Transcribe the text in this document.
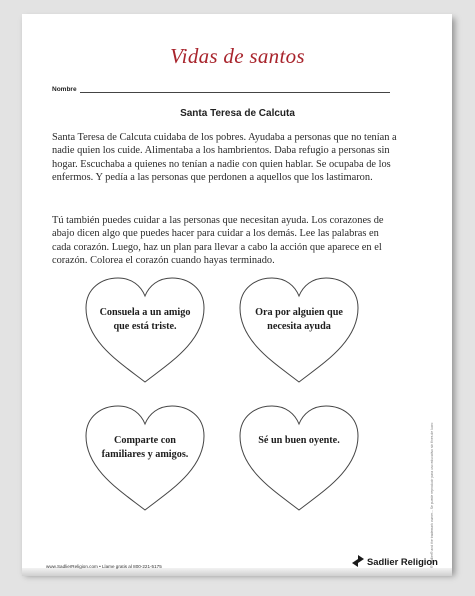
Vidas de santos
Nombre
Santa Teresa de Calcuta

Santa Teresa de Calcuta cuidaba de los pobres. Ayudaba a personas que no tenían a nadie quien los cuide. Alimentaba a los hambrientos. Daba refugio a personas sin hogar. Escuchaba a quienes no tenían a nadie con quien hablar. Se ocupaba de los enfermos. Y pedía a las personas que perdonen a aquellos que los lastimaron.

Tú también puedes cuidar a las personas que necesitan ayuda. Los corazones de abajo dicen algo que puedes hacer para cuidar a los demás. Lee las palabras en cada corazón. Luego, haz un plan para llevar a cabo la acción que aparece en el corazón. Colorea el corazón cuando hayas terminado.

Consuela a un amigo
que está triste.
Ora por alguien que
necesita ayuda
Comparte con
familiares y amigos.
Sé un buen oyente.	® Sadlier® and the trademark owner... Se puede reproducir para uso educativo sin fines de lucro
www.SadlierReligion.com • Llame gratis al 800-221-5175	Sadlier Religion
